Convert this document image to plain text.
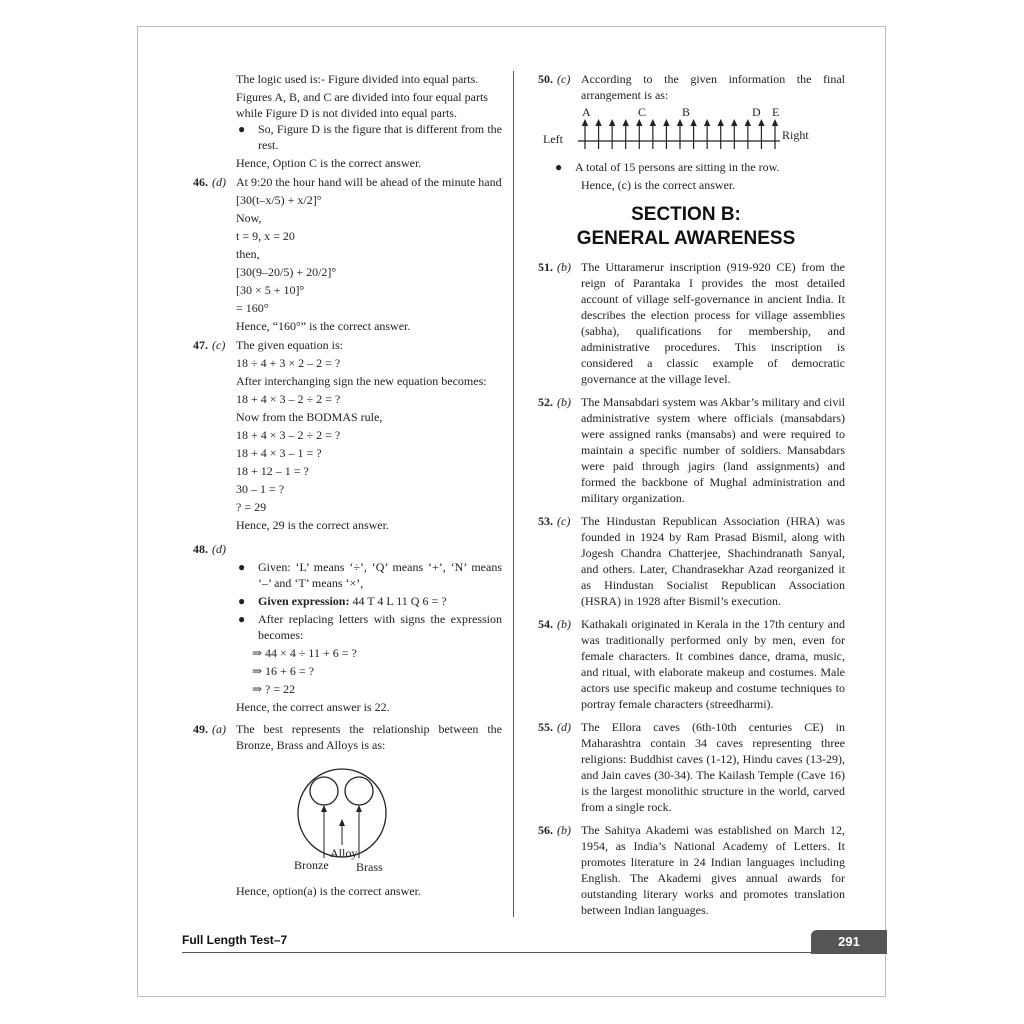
The logic used is:- Figure divided into equal parts.

Figures A, B, and C are divided into four equal parts while Figure D is not divided into equal parts.

●	So, Figure D is the figure that is different from the rest.

Hence, Option C is the correct answer.

46. (d) At 9:20 the hour hand will be ahead of the minute hand

[30(t–x/5) + x/2]°

Now,

t = 9, x = 20

then,

[30(9–20/5) + 20/2]°

[30 × 5 + 10]°

= 160°

Hence, “160°” is the correct answer.

47. (c) The given equation is:

18 ÷ 4 + 3 × 2 – 2 = ?

After interchanging sign the new equation becomes:

18 + 4 × 3 – 2 ÷ 2 = ?

Now from the BODMAS rule,

18 + 4 × 3 – 2 ÷ 2 = ?

18 + 4 × 3 – 1 = ?

18 + 12 – 1 = ?

30 – 1 = ?

? = 29

Hence, 29 is the correct answer.

48. (d)
●	Given: ‘L’ means ‘÷’, ‘Q’ means ‘+’, ‘N’ means ‘–’ and ‘T’ means ‘×’,
●	Given expression: 44 T 4 L 11 Q 6 = ?
●	After replacing letters with signs the expression becomes:

⇒ 44 × 4 ÷ 11 + 6 = ?

⇒ 16 + 6 = ?

⇒ ? = 22

Hence, the correct answer is 22.

49. (a) The best represents the relationship between the Bronze, Brass and Alloys is as:
Alloy
Bronze Brass

Hence, option(a) is the correct answer.

50. (c) According to the given information the final arrangement is as:
Left	Right
A	C	B	D E
●	A total of 15 persons are sitting in the row.

Hence, (c) is the correct answer.

SECTION B:
GENERAL AWARENESS
51. (b) The Uttaramerur inscription (919-920 CE) from the reign of Parantaka I provides the most detailed account of village self-governance in ancient India. It describes the election process for village assemblies (sabha), qualifications for membership, and administrative procedures. This inscription is considered a classic example of democratic governance at the village level.
52. (b) The Mansabdari system was Akbar’s military and civil administrative system where officials (mansabdars) were assigned ranks (mansabs) and were required to maintain a specific number of soldiers. Mansabdars were paid through jagirs (land assignments) and formed the backbone of Mughal administration and military organization.
53. (c) The Hindustan Republican Association (HRA) was founded in 1924 by Ram Prasad Bismil, along with Jogesh Chandra Chatterjee, Shachindranath Sanyal, and others. Later, Chandrasekhar Azad reorganized it as Hindustan Socialist Republican Association (HSRA) in 1928 after Bismil’s execution.
54. (b) Kathakali originated in Kerala in the 17th century and was traditionally performed only by men, even for female characters. It combines dance, drama, music, and ritual, with elaborate makeup and costumes. Male actors use specific makeup and costume techniques to portray female characters (streedharmi).
55. (d) The Ellora caves (6th-10th centuries CE) in Maharashtra contain 34 caves representing three religions: Buddhist caves (1-12), Hindu caves (13-29), and Jain caves (30-34). The Kailash Temple (Cave 16) is the largest monolithic structure in the world, carved from a single rock.
56. (b) The Sahitya Akademi was established on March 12, 1954, as India’s National Academy of Letters. It promotes literature in 24 Indian languages including English. The Akademi gives annual awards for outstanding literary works and promotes translation between Indian languages.
Full Length Test–7	291
